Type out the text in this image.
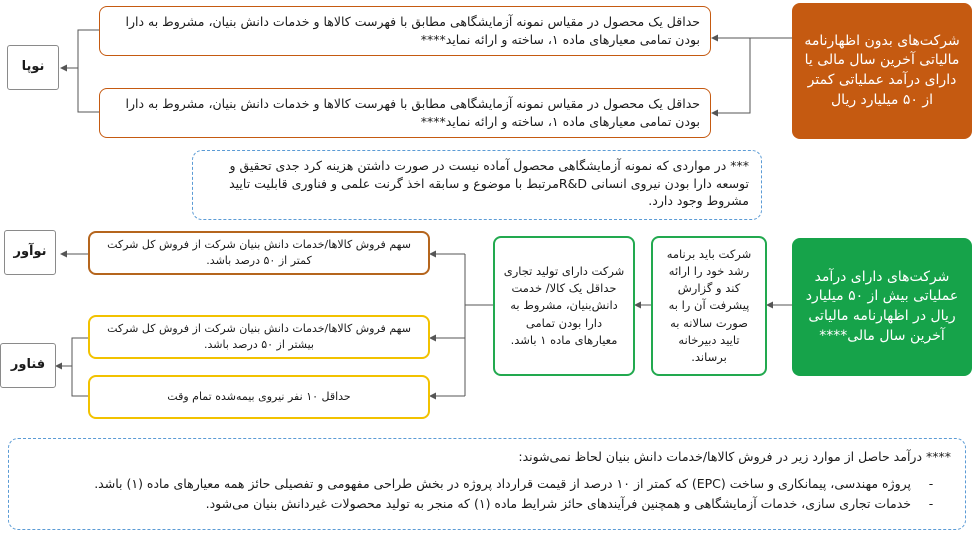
نوپا
حداقل یک محصول در مقیاس نمونه آزمایشگاهی مطابق با فهرست کالاها و خدمات دانش بنیان، مشروط به دارا بودن تمامی معیارهای ماده ۱، ساخته و ارائه نماید****
حداقل یک محصول در مقیاس نمونه آزمایشگاهی مطابق با فهرست کالاها و خدمات دانش بنیان، مشروط به دارا بودن تمامی معیارهای ماده ۱، ساخته و ارائه نماید****
شرکت‌های بدون اظهارنامه مالیاتی آخرین سال مالی یا دارای درآمد عملیاتی کمتر از ۵۰ میلیارد ریال
*** در مواردی که نمونه آزمایشگاهی محصول آماده نیست در صورت داشتن هزینه کرد جدی تحقیق و توسعه دارا بودن نیروی انسانی R&Dمرتبط با موضوع و سابقه اخذ گرنت علمی و فناوری قابلیت تایید مشروط وجود دارد.
نوآور	سهم فروش کالاها/خدمات دانش بنیان شرکت از فروش کل شرکت کمتر از ۵۰ درصد باشد.
فناور
سهم فروش کالاها/خدمات دانش بنیان شرکت از فروش کل شرکت بیشتر از ۵۰ درصد باشد.
حداقل ۱۰ نفر نیروی بیمه‌شده تمام وقت
شرکت دارای تولید تجاری حداقل یک کالا/ خدمت دانش‌بنیان، مشروط به دارا بودن تمامی معیارهای ماده ۱ باشد.
شرکت باید برنامه رشد خود را ارائه کند و گزارش پیشرفت آن را به صورت سالانه به تایید دبیرخانه برساند.
شرکت‌های دارای درآمد عملیاتی بیش از ۵۰ میلیارد ریال در اظهارنامه مالیاتی آخرین سال مالی****
**** درآمد حاصل از موارد زیر در فروش کالاها/خدمات دانش بنیان لحاظ نمی‌شوند:
-
پروژه مهندسی، پیمانکاری و ساخت (EPC) که کمتر از ۱۰ درصد از قیمت قرارداد پروژه در بخش طراحی مفهومی و تفصیلی حائز همه معیارهای ماده (۱) باشد.
-
خدمات تجاری سازی، خدمات آزمایشگاهی و همچنین فرآیندهای حائز شرایط ماده (۱) که منجر به تولید محصولات غیردانش بنیان می‌شود.
